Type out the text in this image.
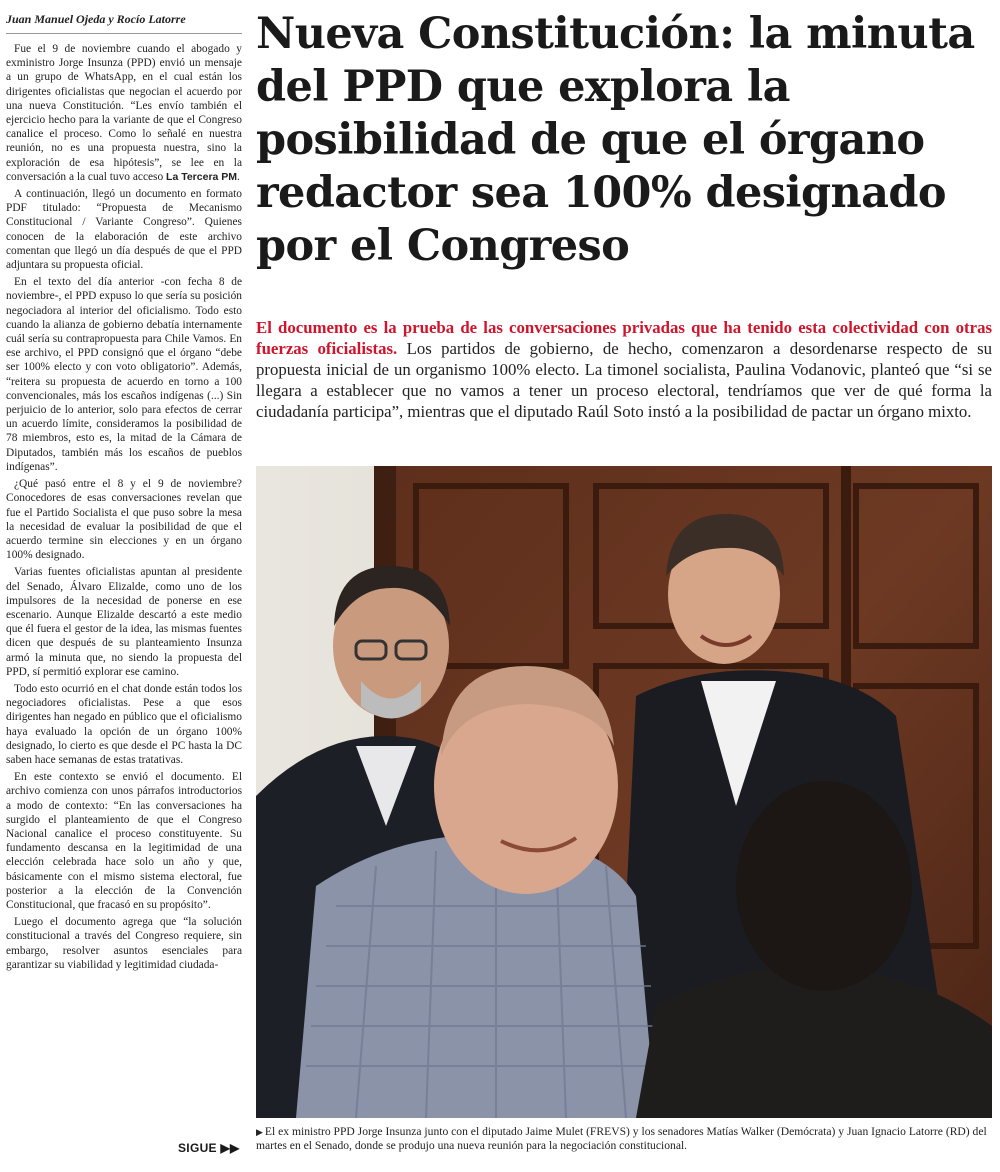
Juan Manuel Ojeda y Rocío Latorre

Fue el 9 de noviembre cuando el abogado y exministro Jorge Insunza (PPD) envió un mensaje a un grupo de WhatsApp, en el cual están los dirigentes oficialistas que negocian el acuerdo por una nueva Constitución. “Les envío también el ejercicio hecho para la variante de que el Congreso canalice el proceso. Como lo señalé en nuestra reunión, no es una propuesta nuestra, sino la exploración de esa hipótesis”, se lee en la conversación a la cual tuvo acceso La Tercera PM.

A continuación, llegó un documento en formato PDF titulado: “Propuesta de Mecanismo Constitucional / Variante Congreso”. Quienes conocen de la elaboración de este archivo comentan que llegó un día después de que el PPD adjuntara su propuesta oficial.

En el texto del día anterior -con fecha 8 de noviembre-, el PPD expuso lo que sería su posición negociadora al interior del oficialismo. Todo esto cuando la alianza de gobierno debatía internamente cuál sería su contrapropuesta para Chile Vamos. En ese archivo, el PPD consignó que el órgano “debe ser 100% electo y con voto obligatorio”. Además, “reitera su propuesta de acuerdo en torno a 100 convencionales, más los escaños indígenas (...) Sin perjuicio de lo anterior, solo para efectos de cerrar un acuerdo límite, consideramos la posibilidad de 78 miembros, esto es, la mitad de la Cámara de Diputados, también más los escaños de pueblos indígenas”.

¿Qué pasó entre el 8 y el 9 de noviembre? Conocedores de esas conversaciones revelan que fue el Partido Socialista el que puso sobre la mesa la necesidad de evaluar la posibilidad de que el acuerdo termine sin elecciones y en un órgano 100% designado.

Varias fuentes oficialistas apuntan al presidente del Senado, Álvaro Elizalde, como uno de los impulsores de la necesidad de ponerse en ese escenario. Aunque Elizalde descartó a este medio que él fuera el gestor de la idea, las mismas fuentes dicen que después de su planteamiento Insunza armó la minuta que, no siendo la propuesta del PPD, sí permitió explorar ese camino.

Todo esto ocurrió en el chat donde están todos los negociadores oficialistas. Pese a que esos dirigentes han negado en público que el oficialismo haya evaluado la opción de un órgano 100% designado, lo cierto es que desde el PC hasta la DC saben hace semanas de estas tratativas.

En este contexto se envió el documento. El archivo comienza con unos párrafos introductorios a modo de contexto: “En las conversaciones ha surgido el planteamiento de que el Congreso Nacional canalice el proceso constituyente. Su fundamento descansa en la legitimidad de una elección celebrada hace solo un año y que, básicamente con el mismo sistema electoral, fue posterior a la elección de la Convención Constitucional, que fracasó en su propósito”.

Luego el documento agrega que “la solución constitucional a través del Congreso requiere, sin embargo, resolver asuntos esenciales para garantizar su viabilidad y legitimidad ciudada-

SIGUE ▶▶
Nueva Constitución: la minuta del PPD que explora la posibilidad de que el órgano redactor sea 100% designado por el Congreso
El documento es la prueba de las conversaciones privadas que ha tenido esta colectividad con otras fuerzas oficialistas. Los partidos de gobierno, de hecho, comenzaron a desordenarse respecto de su propuesta inicial de un organismo 100% electo. La timonel socialista, Paulina Vodanovic, planteó que “si se llegara a establecer que no vamos a tener un proceso electoral, tendríamos que ver de qué forma la ciudadanía participa”, mientras que el diputado Raúl Soto instó a la posibilidad de pactar un órgano mixto.
▶ El ex ministro PPD Jorge Insunza junto con el diputado Jaime Mulet (FREVS) y los senadores Matías Walker (Demócrata) y Juan Ignacio Latorre (RD) del martes en el Senado, donde se produjo una nueva reunión para la negociación constitucional.
